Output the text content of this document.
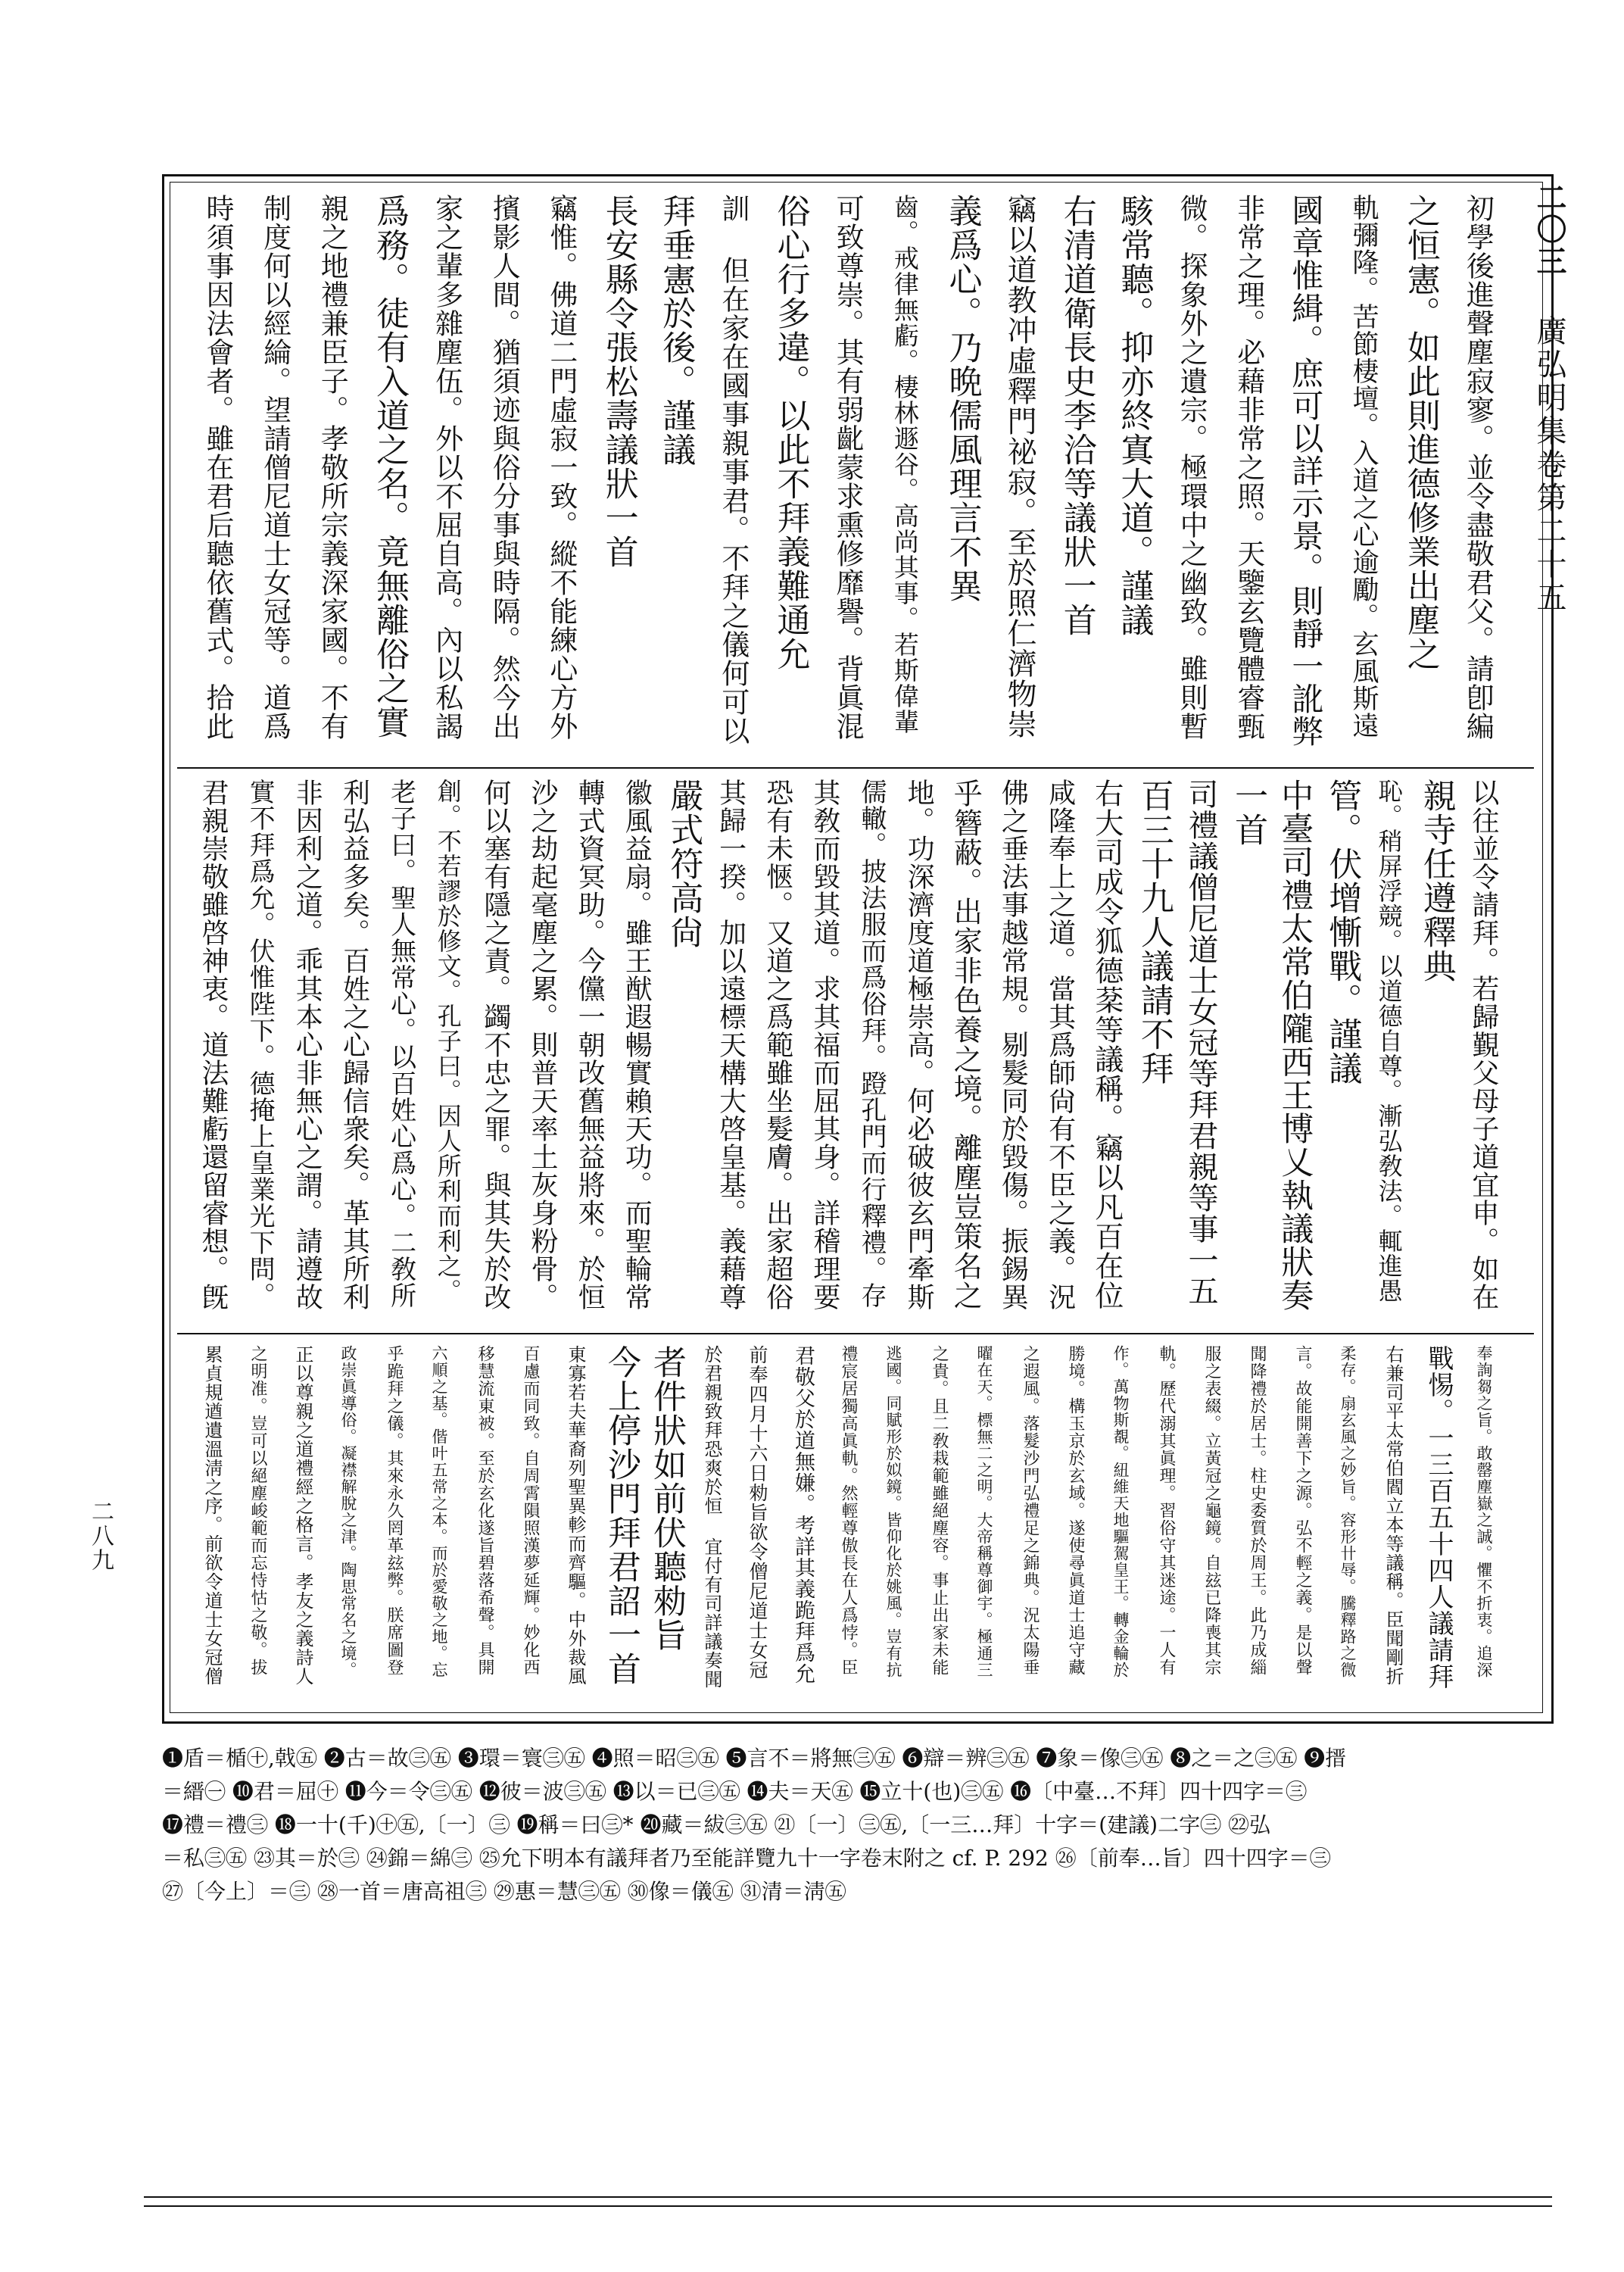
二〇三 廣弘明集卷第二十五
二八九
初學後進聲塵寂寥。並令盡敬君父。請卽編
之恒憲。如此則進德修業出塵之
軌彌隆。苦節棲壇。入道之心逾勵。玄風斯遠
國章惟緝。庶可以詳示景。則靜一訛弊
非常之理。必藉非常之照。天鑒玄覽體睿甄
微。探象外之遺宗。極環中之幽致。雖則暫
駭常聽。抑亦終寘大道。謹議
右清道衛長史李洽等議狀一首
竊以道教冲虛釋門祕寂。至於照仁濟物崇
義爲心。乃晩儒風理言不異
齒。戒律無虧。棲林遯谷。高尚其事。若斯偉輩
可致尊崇。其有弱齔蒙求熏修靡譽。背眞混
俗心行多違。以此不拜義難通允
訓 但在家在國事親事君。不拜之儀何可以
拜垂憲於後。謹議
長安縣令張松壽議狀一首
竊惟。佛道二門虛寂一致。縱不能練心方外
擯影人間。猶須迹與俗分事與時隔。然今出
家之輩多雜塵伍。外以不屈自高。內以私謁
爲務。徒有入道之名。竟無離俗之實
親之地禮兼臣子。孝敬所宗義深家國。不有
制度何以經綸。望請僧尼道士女冠等。道爲
時須事因法會者。雖在君后聽依舊式。拾此
以往並令請拜。若歸覲父母子道宜申。如在
親寺任遵釋典
恥。稍屏浮競。以道德自尊。漸弘敎法。輒進愚
管。伏增慚戰。謹議
中臺司禮太常伯隴西王博乂執議狀奏
一首
司禮議僧尼道士女冠等拜君親等事一五
百三十九人議請不拜
右大司成令狐德棻等議稱。竊以凡百在位
咸隆奉上之道。當其爲師尙有不臣之義。況
佛之垂法事越常規。剔髮同於毀傷。振錫異
乎簪蔽。出家非色養之境。離塵豈策名之
地。功深濟度道極崇高。何必破彼玄門牽斯
儒轍。披法服而爲俗拜。蹬孔門而行釋禮。存
其敎而毀其道。求其福而屈其身。詳稽理要
恐有未愜。又道之爲範雖坐髮膚。出家超俗
其歸一揆。加以遠標天構大啓皇基。義藉尊
嚴式符高尙
徽風益扇。雖王猷遐暢實賴天功。而聖輪常
轉式資冥助。今儻一朝改舊無益將來。於恒
沙之劫起毫塵之累。則普天率土灰身粉骨。
何以塞有隱之責。蠲不忠之罪。與其失於改
創。不若謬於修文。孔子曰。因人所利而利之。
老子曰。聖人無常心。以百姓心爲心。二敎所
利弘益多矣。百姓之心歸信衆矣。革其所利
非因利之道。乖其本心非無心之謂。請遵故
實不拜爲允。伏惟陛下。德掩上皇業光下問。
君親崇敬雖啓神衷。道法難虧還留睿想。旣
奉詢芻之旨。敢罄塵嶽之誠。懼不折衷。追深
戰惕。一三百五十四人議請拜
右兼司平太常伯閻立本等議稱。臣聞剛折
柔存。扇玄風之妙旨。容形卄辱。騰釋路之微
言。故能開善下之源。弘不輕之義。是以聲
聞降禮於居士。柱史委質於周王。此乃成緇
服之表綴。立黃冠之龜鏡。自玆已降喪其宗
軌。歷代溺其眞理。習俗守其迷途。一人有
作。萬物斯覩。紐維天地驅駕皇王。轉金輪於
勝境。構玉京於玄域。遂使尋眞道士追守藏
之遐風。落髮沙門弘禮足之錦典。況太陽垂
曜在天。標無二之明。大帝稱尊御宇。極通三
之貴。且二敎栽範雖絕塵容。事止出家未能
逃國。同賦形於姒鏡。皆仰化於姚風。豈有抗
禮宸居獨高眞軌。然輕尊傲長在人爲悖。臣
君敬父於道無嫌。考詳其義跪拜爲允
前奉四月十六日勑旨欲令僧尼道士女冠
於君親致拜恐爽於恒 宜付有司詳議奏聞
者件狀如前伏聽勑旨
今上停沙門拜君詔一首
東寡若夫華裔列聖異軫而齊驅。中外裁風
百慮而同致。自周霄隕照漢夢延輝。妙化西
移慧流東被。至於玄化遂旨碧落希聲。具開
六順之基。偕叶五常之本。而於愛敬之地。忘
乎跪拜之儀。其來永久罔革玆弊。朕席圖登
政崇眞導俗。凝襟解脫之津。陶思常名之境。
正以尊親之道禮經之格言。孝友之義詩人
之明准。豈可以絕塵峻範而忘恃怙之敬。拔
累貞規遒遺溫淸之序。前欲令道士女冠僧
❶盾＝楯㊉,戟㊄ ❷古＝故㊂㊄ ❸環＝寰㊂㊄ ❹照＝昭㊂㊄ ❺言不＝將無㊂㊄ ❻辯＝辨㊂㊄ ❼象＝像㊂㊄ ❽之＝之㊂㊄ ❾搢
＝縉㊀ ❿君＝屈㊉ ⓫今＝令㊂㊄ ⓬彼＝波㊂㊄ ⓭以＝已㊂㊄ ⓮夫＝天㊄ ⓯立十(也)㊂㊄ ⓰〔中臺…不拜〕四十四字＝㊂
⓱禮＝禮㊂ ⓲一十(千)㊉㊄,〔一〕㊂ ⓳稱＝曰㊂* ⓴藏＝紱㊂㊄ ㉑〔一〕㊂㊄,〔一三…拜〕十字＝(建議)二字㊂ ㉒弘
＝私㊂㊄ ㉓其＝於㊂ ㉔錦＝綿㊂ ㉕允下明本有議拜者乃至能詳覽九十一字卷末附之 cf. P. 292 ㉖〔前奉…旨〕四十四字＝㊂
㉗〔今上〕＝㊂ ㉘一首＝唐高祖㊂ ㉙惠＝慧㊂㊄ ㉚像＝儀㊄ ㉛清＝淸㊄
